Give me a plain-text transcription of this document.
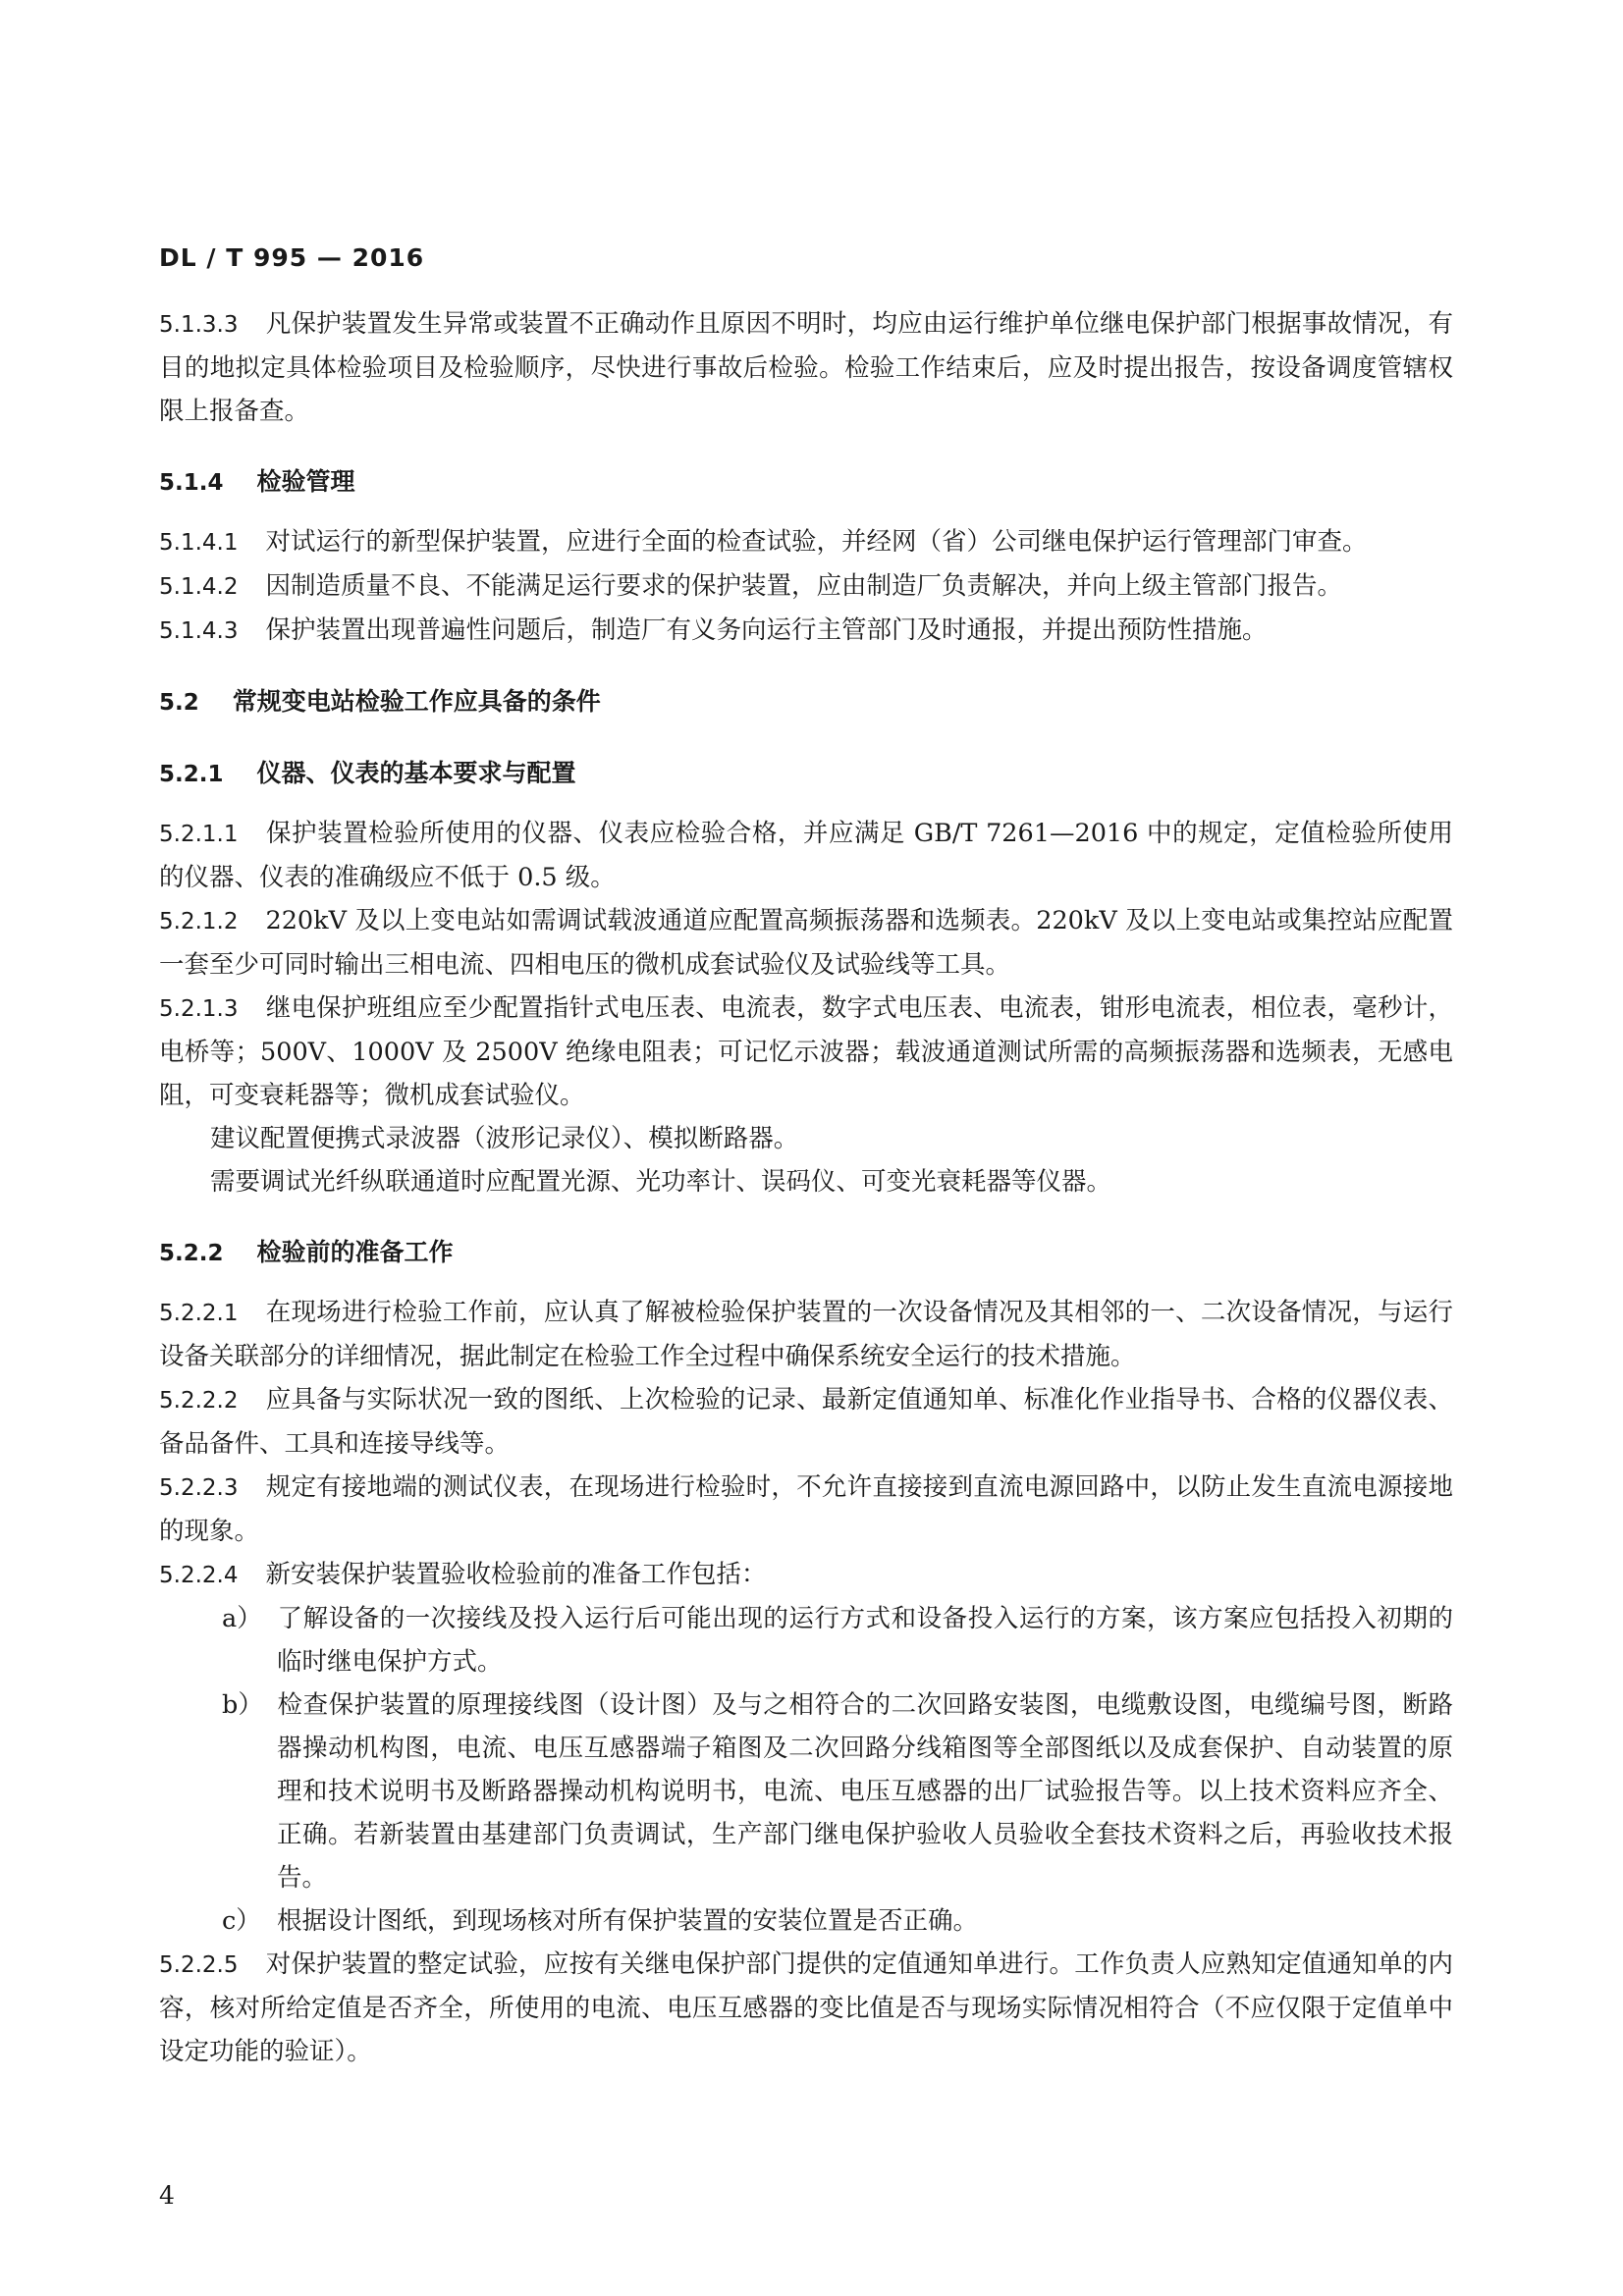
DL / T 995 — 2016

5.1.3.3 凡保护装置发生异常或装置不正确动作且原因不明时，均应由运行维护单位继电保护部门根据事故情况，有目的地拟定具体检验项目及检验顺序，尽快进行事故后检验。检验工作结束后，应及时提出报告，按设备调度管辖权限上报备查。

5.1.4 检验管理

5.1.4.1 对试运行的新型保护装置，应进行全面的检查试验，并经网（省）公司继电保护运行管理部门审查。

5.1.4.2 因制造质量不良、不能满足运行要求的保护装置，应由制造厂负责解决，并向上级主管部门报告。

5.1.4.3 保护装置出现普遍性问题后，制造厂有义务向运行主管部门及时通报，并提出预防性措施。

5.2 常规变电站检验工作应具备的条件

5.2.1 仪器、仪表的基本要求与配置

5.2.1.1 保护装置检验所使用的仪器、仪表应检验合格，并应满足 GB/T 7261—2016 中的规定，定值检验所使用的仪器、仪表的准确级应不低于 0.5 级。

5.2.1.2 220kV 及以上变电站如需调试载波通道应配置高频振荡器和选频表。220kV 及以上变电站或集控站应配置一套至少可同时输出三相电流、四相电压的微机成套试验仪及试验线等工具。

5.2.1.3 继电保护班组应至少配置指针式电压表、电流表，数字式电压表、电流表，钳形电流表，相位表，毫秒计，电桥等；500V、1000V 及 2500V 绝缘电阻表；可记忆示波器；载波通道测试所需的高频振荡器和选频表，无感电阻，可变衰耗器等；微机成套试验仪。

建议配置便携式录波器（波形记录仪）、模拟断路器。

需要调试光纤纵联通道时应配置光源、光功率计、误码仪、可变光衰耗器等仪器。

5.2.2 检验前的准备工作

5.2.2.1 在现场进行检验工作前，应认真了解被检验保护装置的一次设备情况及其相邻的一、二次设备情况，与运行设备关联部分的详细情况，据此制定在检验工作全过程中确保系统安全运行的技术措施。

5.2.2.2 应具备与实际状况一致的图纸、上次检验的记录、最新定值通知单、标准化作业指导书、合格的仪器仪表、备品备件、工具和连接导线等。

5.2.2.3 规定有接地端的测试仪表，在现场进行检验时，不允许直接接到直流电源回路中，以防止发生直流电源接地的现象。

5.2.2.4 新安装保护装置验收检验前的准备工作包括：

a） 了解设备的一次接线及投入运行后可能出现的运行方式和设备投入运行的方案，该方案应包括投入初期的临时继电保护方式。

b） 检查保护装置的原理接线图（设计图）及与之相符合的二次回路安装图，电缆敷设图，电缆编号图，断路器操动机构图，电流、电压互感器端子箱图及二次回路分线箱图等全部图纸以及成套保护、自动装置的原理和技术说明书及断路器操动机构说明书，电流、电压互感器的出厂试验报告等。以上技术资料应齐全、正确。若新装置由基建部门负责调试，生产部门继电保护验收人员验收全套技术资料之后，再验收技术报告。

c） 根据设计图纸，到现场核对所有保护装置的安装位置是否正确。

5.2.2.5 对保护装置的整定试验，应按有关继电保护部门提供的定值通知单进行。工作负责人应熟知定值通知单的内容，核对所给定值是否齐全，所使用的电流、电压互感器的变比值是否与现场实际情况相符合（不应仅限于定值单中设定功能的验证）。

4
